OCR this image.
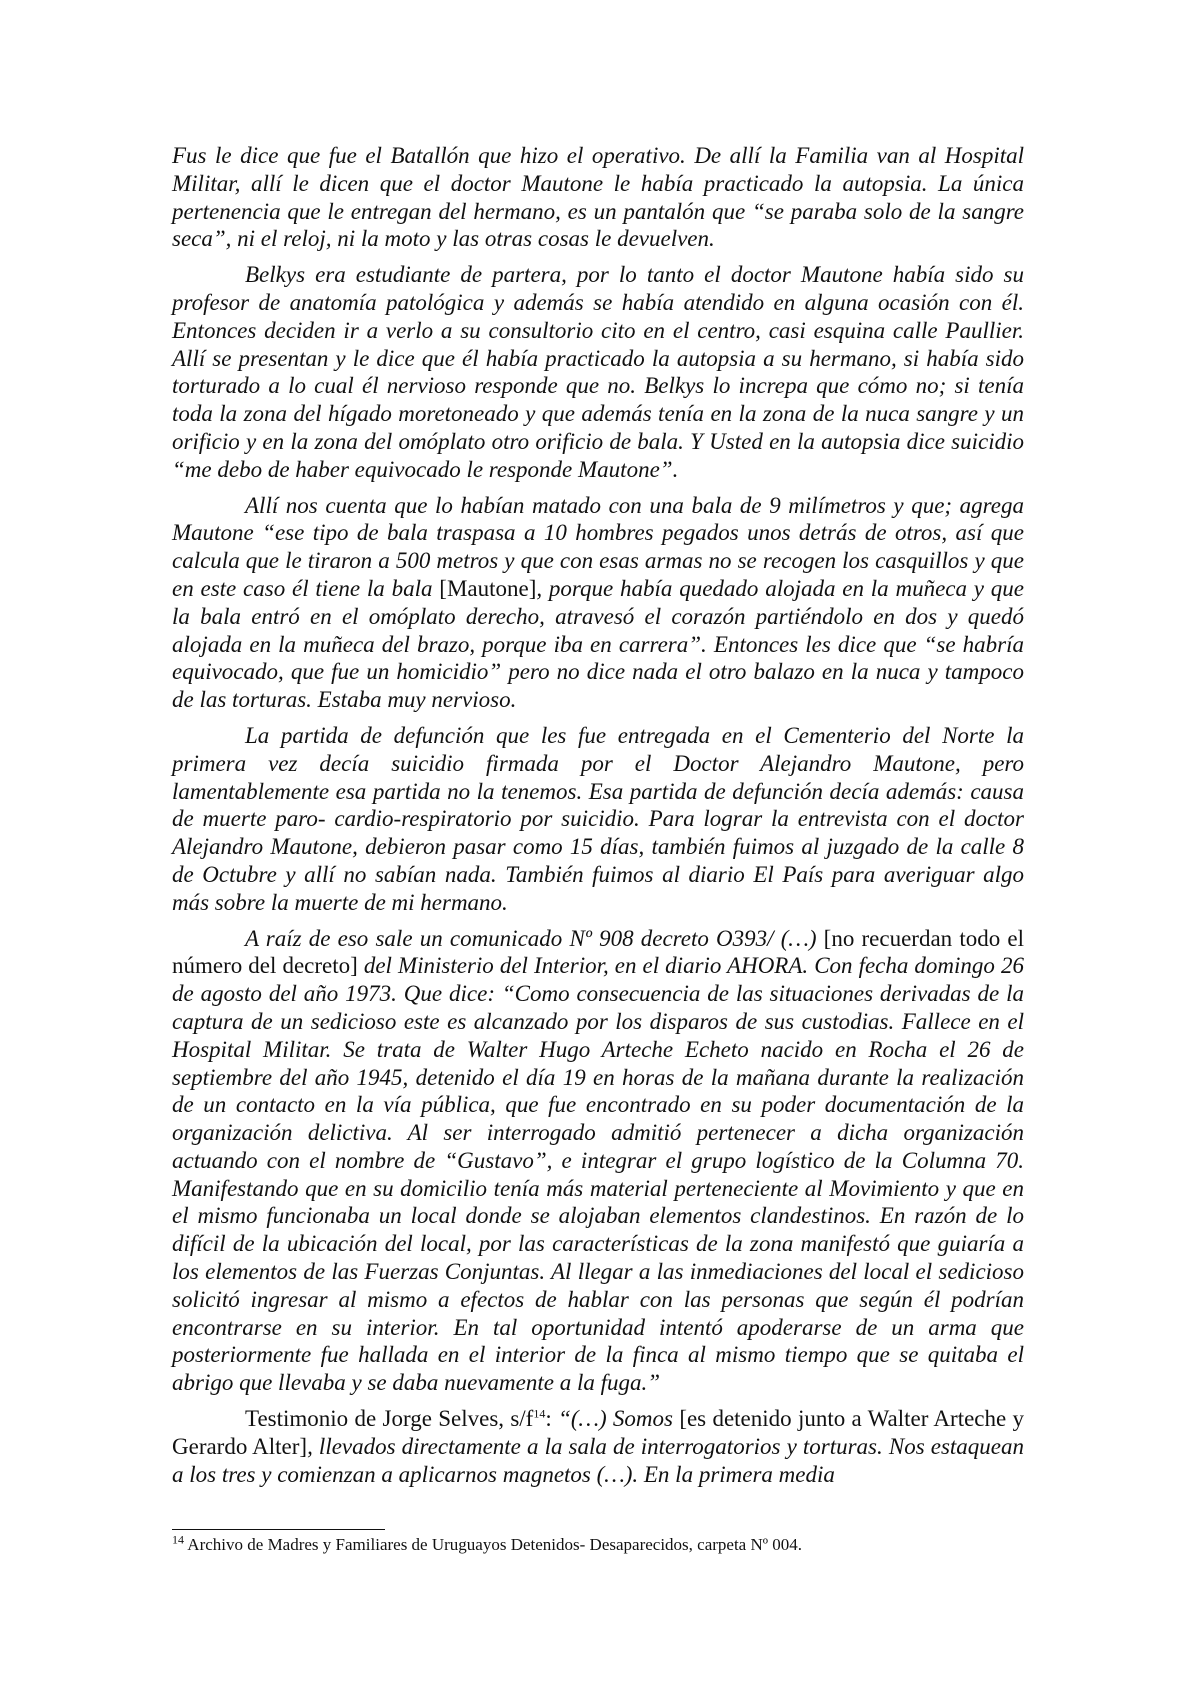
Fus le dice que fue el Batallón que hizo el operativo. De allí la Familia van al Hospital Militar, allí le dicen que el doctor Mautone le había practicado la autopsia. La única pertenencia que le entregan del hermano, es un pantalón que “se paraba solo de la sangre seca”, ni el reloj, ni la moto y las otras cosas le devuelven.

Belkys era estudiante de partera, por lo tanto el doctor Mautone había sido su profesor de anatomía patológica y además se había atendido en alguna ocasión con él. Entonces deciden ir a verlo a su consultorio cito en el centro, casi esquina calle Paullier. Allí se presentan y le dice que él había practicado la autopsia a su hermano, si había sido torturado a lo cual él nervioso responde que no. Belkys lo increpa que cómo no; si tenía toda la zona del hígado moretoneado y que además tenía en la zona de la nuca sangre y un orificio y en la zona del omóplato otro orificio de bala. Y Usted en la autopsia dice suicidio “me debo de haber equivocado le responde Mautone”.

Allí nos cuenta que lo habían matado con una bala de 9 milímetros y que; agrega Mautone “ese tipo de bala traspasa a 10 hombres pegados unos detrás de otros, así que calcula que le tiraron a 500 metros y que con esas armas no se recogen los casquillos y que en este caso él tiene la bala [Mautone], porque había quedado alojada en la muñeca y que la bala entró en el omóplato derecho, atravesó el corazón partiéndolo en dos y quedó alojada en la muñeca del brazo, porque iba en carrera”. Entonces les dice que “se habría equivocado, que fue un homicidio” pero no dice nada el otro balazo en la nuca y tampoco de las torturas. Estaba muy nervioso.

La partida de defunción que les fue entregada en el Cementerio del Norte la primera vez decía suicidio firmada por el Doctor Alejandro Mautone, pero lamentablemente esa partida no la tenemos. Esa partida de defunción decía además: causa de muerte paro- cardio-respiratorio por suicidio. Para lograr la entrevista con el doctor Alejandro Mautone, debieron pasar como 15 días, también fuimos al juzgado de la calle 8 de Octubre y allí no sabían nada. También fuimos al diario El País para averiguar algo más sobre la muerte de mi hermano.

A raíz de eso sale un comunicado Nº 908 decreto O393/ (…) [no recuerdan todo el número del decreto] del Ministerio del Interior, en el diario AHORA. Con fecha domingo 26 de agosto del año 1973. Que dice: “Como consecuencia de las situaciones derivadas de la captura de un sedicioso este es alcanzado por los disparos de sus custodias. Fallece en el Hospital Militar. Se trata de Walter Hugo Arteche Echeto nacido en Rocha el 26 de septiembre del año 1945, detenido el día 19 en horas de la mañana durante la realización de un contacto en la vía pública, que fue encontrado en su poder documentación de la organización delictiva. Al ser interrogado admitió pertenecer a dicha organización actuando con el nombre de “Gustavo”, e integrar el grupo logístico de la Columna 70. Manifestando que en su domicilio tenía más material perteneciente al Movimiento y que en el mismo funcionaba un local donde se alojaban elementos clandestinos. En razón de lo difícil de la ubicación del local, por las características de la zona manifestó que guiaría a los elementos de las Fuerzas Conjuntas. Al llegar a las inmediaciones del local el sedicioso solicitó ingresar al mismo a efectos de hablar con las personas que según él podrían encontrarse en su interior. En tal oportunidad intentó apoderarse de un arma que posteriormente fue hallada en el interior de la finca al mismo tiempo que se quitaba el abrigo que llevaba y se daba nuevamente a la fuga.”

Testimonio de Jorge Selves, $s/f^{14}$: “(…) Somos [es detenido junto a Walter Arteche y Gerardo Alter], llevados directamente a la sala de interrogatorios y torturas. Nos estaquean a los tres y comienzan a aplicarnos magnetos (…). En la primera media

$^{14}$ Archivo de Madres y Familiares de Uruguayos Detenidos- Desaparecidos, carpeta Nº 004.
